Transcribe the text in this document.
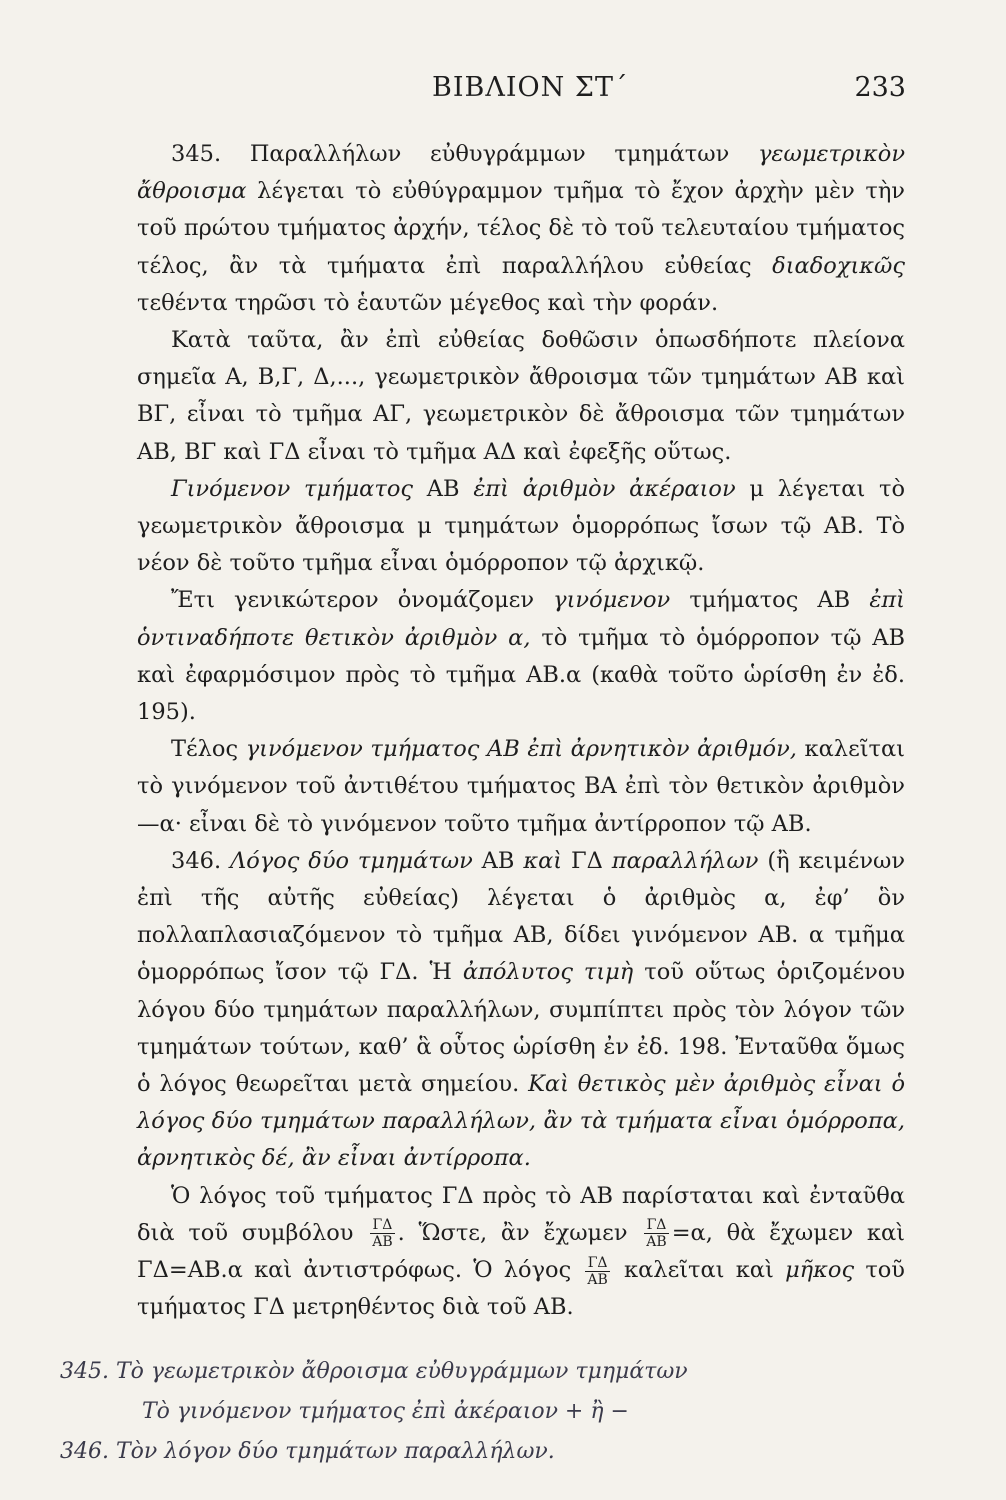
ΒΙΒΛΙΟΝ ΣΤ΄	233

345. Παραλλήλων εὐθυγράμμων τμημάτων γεωμετρικὸν ἄθροισμα λέγεται τὸ εὐθύγραμμον τμῆμα τὸ ἔχον ἀρχὴν μὲν τὴν τοῦ πρώτου τμήματος ἀρχήν, τέλος δὲ τὸ τοῦ τελευταίου τμήματος τέλος, ἂν τὰ τμήματα ἐπὶ παραλλήλου εὐθείας διαδοχικῶς τεθέντα τηρῶσι τὸ ἑαυτῶν μέγεθος καὶ τὴν φοράν.

Κατὰ ταῦτα, ἂν ἐπὶ εὐθείας δοθῶσιν ὁπωσδήποτε πλείονα σημεῖα Α, Β,Γ, Δ,..., γεωμετρικὸν ἄθροισμα τῶν τμημάτων ΑΒ καὶ ΒΓ, εἶναι τὸ τμῆμα ΑΓ, γεωμετρικὸν δὲ ἄθροισμα τῶν τμημάτων ΑΒ, ΒΓ καὶ ΓΔ εἶναι τὸ τμῆμα ΑΔ καὶ ἐφεξῆς οὕτως.

Γινόμενον τμήματος ΑΒ ἐπὶ ἀριθμὸν ἀκέραιον μ λέγεται τὸ γεωμετρικὸν ἄθροισμα μ τμημάτων ὁμορρόπως ἴσων τῷ ΑΒ. Τὸ νέον δὲ τοῦτο τμῆμα εἶναι ὁμόρροπον τῷ ἀρχικῷ.

Ἔτι γενικώτερον ὀνομάζομεν γινόμενον τμήματος ΑΒ ἐπὶ ὁντιναδήποτε θετικὸν ἀριθμὸν α, τὸ τμῆμα τὸ ὁμόρροπον τῷ ΑΒ καὶ ἐφαρμόσιμον πρὸς τὸ τμῆμα ΑΒ.α (καθὰ τοῦτο ὡρίσθη ἐν ἐδ. 195).

Τέλος γινόμενον τμήματος ΑΒ ἐπὶ ἀρνητικὸν ἀριθμόν, καλεῖται τὸ γινόμενον τοῦ ἀντιθέτου τμήματος ΒΑ ἐπὶ τὸν θετικὸν ἀριθμὸν —α· εἶναι δὲ τὸ γινόμενον τοῦτο τμῆμα ἀντίρροπον τῷ ΑΒ.

346. Λόγος δύο τμημάτων ΑΒ καὶ ΓΔ παραλλήλων (ἢ κειμένων ἐπὶ τῆς αὐτῆς εὐθείας) λέγεται ὁ ἀριθμὸς α, ἐφ’ ὃν πολλαπλασιαζόμενον τὸ τμῆμα ΑΒ, δίδει γινόμενον ΑΒ. α τμῆμα ὁμορρόπως ἴσον τῷ ΓΔ. Ἡ ἀπόλυτος τιμὴ τοῦ οὕτως ὁριζομένου λόγου δύο τμημάτων παραλλήλων, συμπίπτει πρὸς τὸν λόγον τῶν τμημάτων τούτων, καθ’ ἃ οὗτος ὡρίσθη ἐν ἐδ. 198. Ἐνταῦθα ὅμως ὁ λόγος θεωρεῖται μετὰ σημείου. Καὶ θετικὸς μὲν ἀριθμὸς εἶναι ὁ λόγος δύο τμημάτων παραλλήλων, ἂν τὰ τμήματα εἶναι ὁμόρροπα, ἀρνητικὸς δέ, ἂν εἶναι ἀντίρροπα.

Ὁ λόγος τοῦ τμήματος ΓΔ πρὸς τὸ ΑΒ παρίσταται καὶ ἐνταῦθα διὰ τοῦ συμβόλου $\frac{\Gamma\Delta}{AB}$ . Ὥστε, ἂν ἔχωμεν $\frac{\Gamma\Delta}{AB} =\alpha$, θὰ ἔχωμεν καὶ ΓΔ=ΑΒ.α καὶ ἀντιστρόφως. Ὁ λόγος $\frac{\Gamma\Delta}{AB}$ καλεῖται καὶ μῆκος τοῦ τμήματος ΓΔ μετρηθέντος διὰ τοῦ ΑΒ.

345. Τὸ γεωμετρικὸν ἄθροισμα εὐθυγράμμων τμημάτων
Τὸ γινόμενον τμήματος ἐπὶ ἀκέραιον + ἢ −
346. Τὸν λόγον δύο τμημάτων παραλλήλων.
